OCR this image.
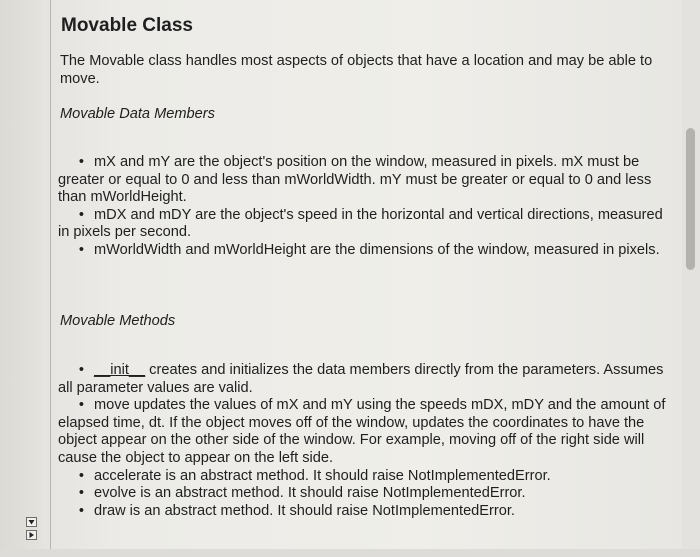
Movable Class

The Movable class handles most aspects of objects that have a location and may be able to move.

Movable Data Members

• mX and mY are the object's position on the window, measured in pixels. mX must be greater or equal to 0 and less than mWorldWidth. mY must be greater or equal to 0 and less than mWorldHeight.
• mDX and mDY are the object's speed in the horizontal and vertical directions, measured in pixels per second.
• mWorldWidth and mWorldHeight are the dimensions of the window, measured in pixels.

Movable Methods

• __init__ creates and initializes the data members directly from the parameters. Assumes all parameter values are valid.
• move updates the values of mX and mY using the speeds mDX, mDY and the amount of elapsed time, dt. If the object moves off of the window, updates the coordinates to have the object appear on the other side of the window. For example, moving off of the right side will cause the object to appear on the left side.
• accelerate is an abstract method. It should raise NotImplementedError.
• evolve is an abstract method. It should raise NotImplementedError.
• draw is an abstract method. It should raise NotImplementedError.
